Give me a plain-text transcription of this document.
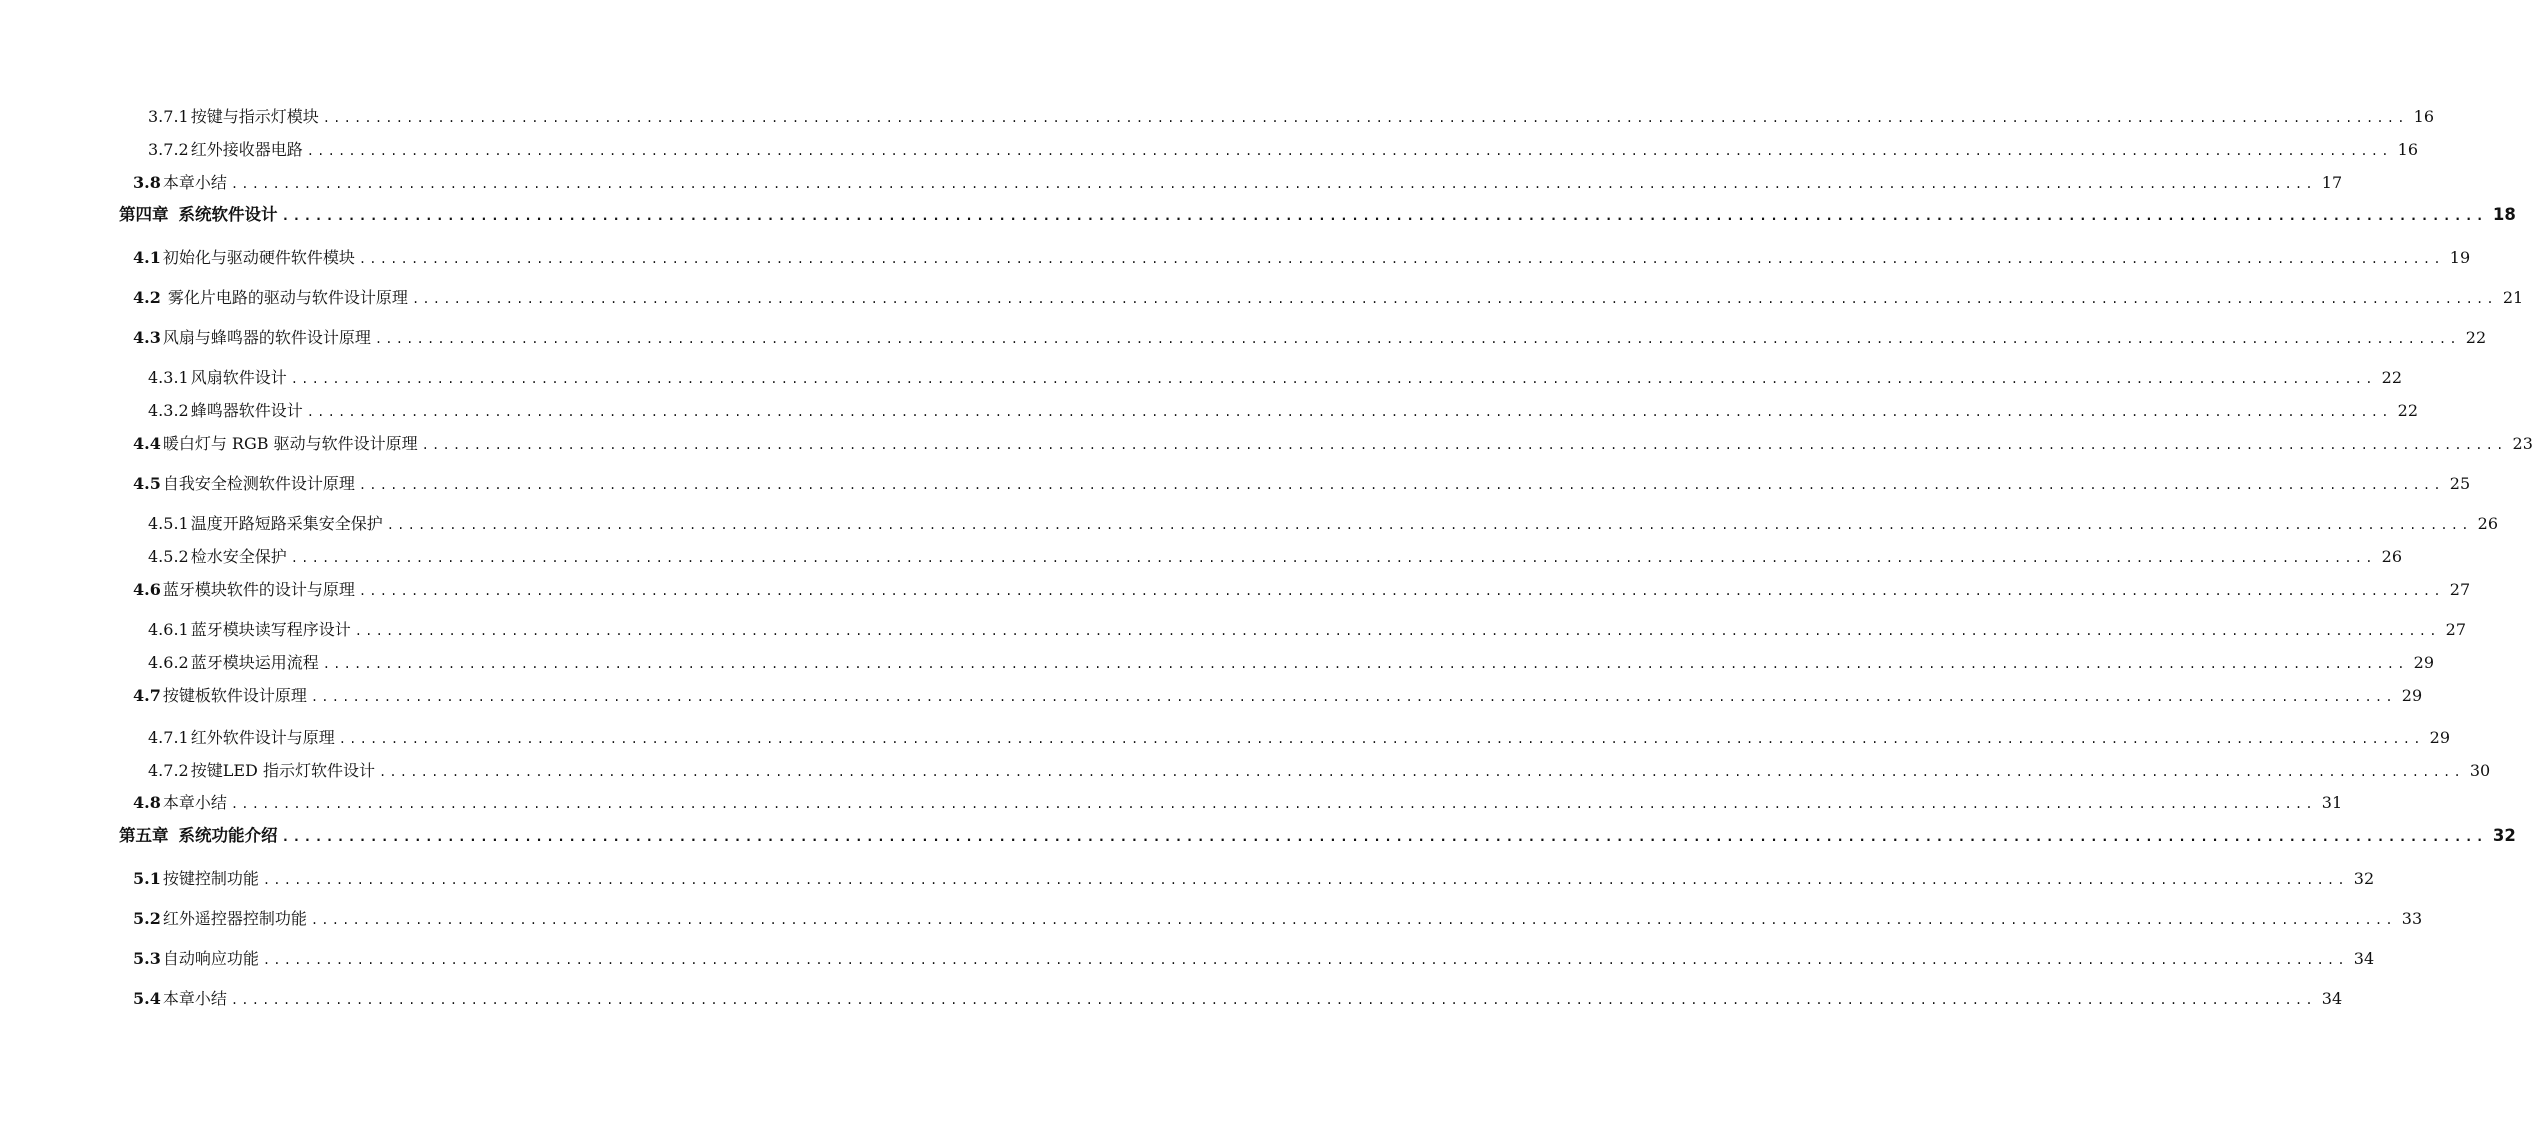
3.7.1 按键与指示灯模块 ........................................................................................................................................................................................................ 16
3.7.2 红外接收器电路 ........................................................................................................................................................................................................ 16
3.8 本章小结 ........................................................................................................................................................................................................ 17
第四章 系统软件设计 ........................................................................................................................................................................................................ 18
4.1 初始化与驱动硬件软件模块 ........................................................................................................................................................................................................ 19
4.2 雾化片电路的驱动与软件设计原理 ........................................................................................................................................................................................................ 21
4.3 风扇与蜂鸣器的软件设计原理 ........................................................................................................................................................................................................ 22
4.3.1 风扇软件设计 ........................................................................................................................................................................................................ 22
4.3.2 蜂鸣器软件设计 ........................................................................................................................................................................................................ 22
4.4 暖白灯与 RGB 驱动与软件设计原理 ........................................................................................................................................................................................................ 23
4.5 自我安全检测软件设计原理 ........................................................................................................................................................................................................ 25
4.5.1 温度开路短路采集安全保护 ........................................................................................................................................................................................................ 26
4.5.2 检水安全保护 ........................................................................................................................................................................................................ 26
4.6 蓝牙模块软件的设计与原理 ........................................................................................................................................................................................................ 27
4.6.1 蓝牙模块读写程序设计 ........................................................................................................................................................................................................ 27
4.6.2 蓝牙模块运用流程 ........................................................................................................................................................................................................ 29
4.7 按键板软件设计原理 ........................................................................................................................................................................................................ 29
4.7.1 红外软件设计与原理 ........................................................................................................................................................................................................ 29
4.7.2 按键LED 指示灯软件设计 ........................................................................................................................................................................................................ 30
4.8 本章小结 ........................................................................................................................................................................................................ 31
第五章 系统功能介绍 ........................................................................................................................................................................................................ 32
5.1 按键控制功能 ........................................................................................................................................................................................................ 32
5.2 红外遥控器控制功能 ........................................................................................................................................................................................................ 33
5.3 自动响应功能 ........................................................................................................................................................................................................ 34
5.4 本章小结 ........................................................................................................................................................................................................ 34
